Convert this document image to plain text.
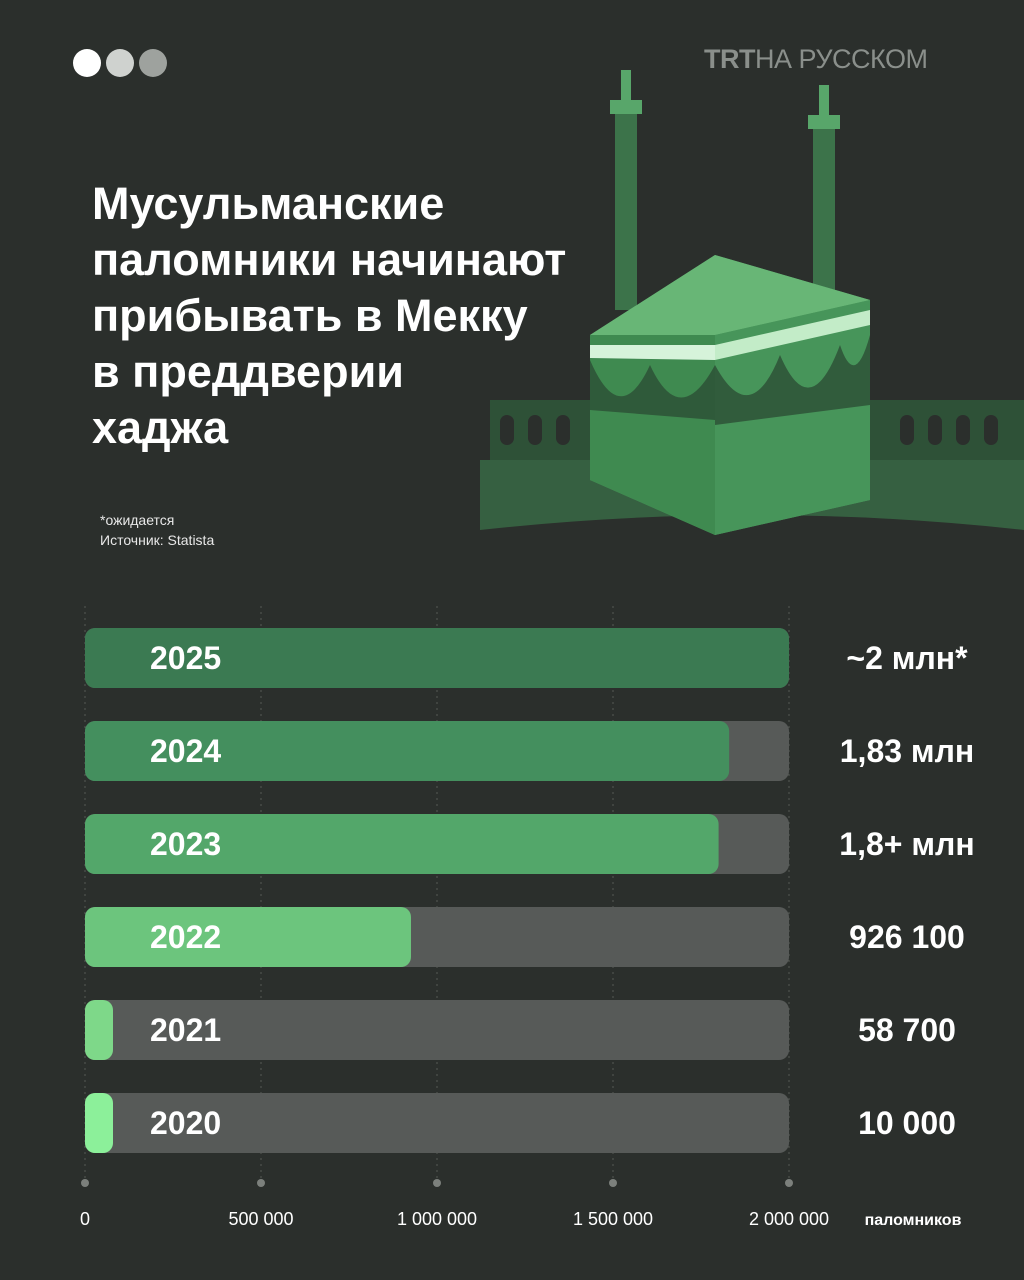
TRTНА РУССКОМ
Мусульманские
паломники начинают
прибывать в Мекку
в преддверии
хаджа
*ожидается
Источник: Statista
2025	~2 млн*
2024	1,83 млн
2023	1,8+ млн
2022	926 100
2021	58 700
2020	10 000
0	500 000	1 000 000	1 500 000	2 000 000 паломников
